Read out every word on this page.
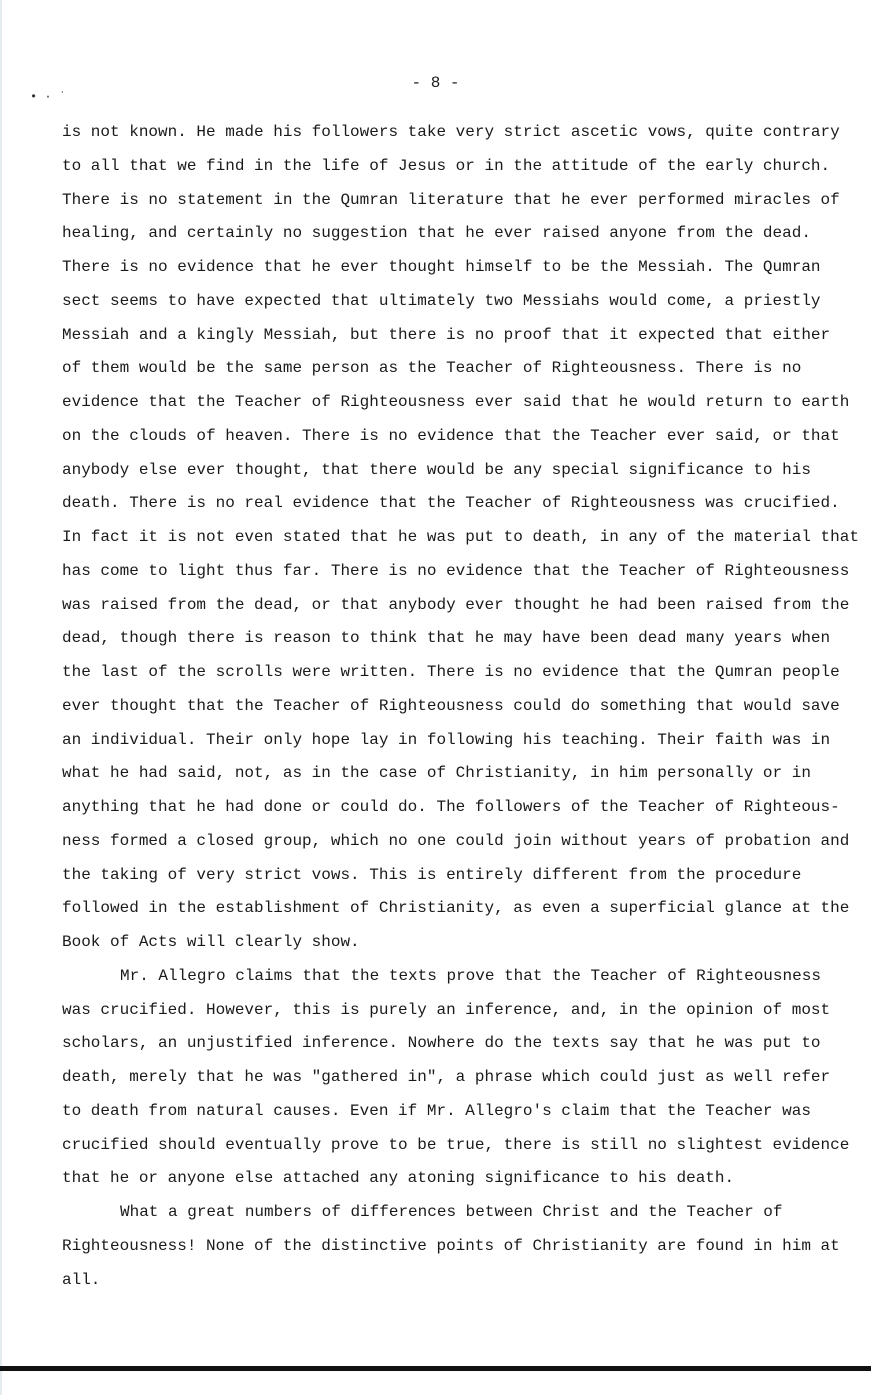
- 8 -
• · ˙
is not known. He made his followers take very strict ascetic vows, quite contrary
to all that we find in the life of Jesus or in the attitude of the early church.
There is no statement in the Qumran literature that he ever performed miracles of
healing, and certainly no suggestion that he ever raised anyone from the dead.
There is no evidence that he ever thought himself to be the Messiah. The Qumran
sect seems to have expected that ultimately two Messiahs would come, a priestly
Messiah and a kingly Messiah, but there is no proof that it expected that either
of them would be the same person as the Teacher of Righteousness. There is no
evidence that the Teacher of Righteousness ever said that he would return to earth
on the clouds of heaven. There is no evidence that the Teacher ever said, or that
anybody else ever thought, that there would be any special significance to his
death. There is no real evidence that the Teacher of Righteousness was crucified.
In fact it is not even stated that he was put to death, in any of the material that
has come to light thus far. There is no evidence that the Teacher of Righteousness
was raised from the dead, or that anybody ever thought he had been raised from the
dead, though there is reason to think that he may have been dead many years when
the last of the scrolls were written. There is no evidence that the Qumran people
ever thought that the Teacher of Righteousness could do something that would save
an individual. Their only hope lay in following his teaching. Their faith was in
what he had said, not, as in the case of Christianity, in him personally or in
anything that he had done or could do. The followers of the Teacher of Righteous-
ness formed a closed group, which no one could join without years of probation and
the taking of very strict vows. This is entirely different from the procedure
followed in the establishment of Christianity, as even a superficial glance at the
Book of Acts will clearly show.
Mr. Allegro claims that the texts prove that the Teacher of Righteousness
was crucified. However, this is purely an inference, and, in the opinion of most
scholars, an unjustified inference. Nowhere do the texts say that he was put to
death, merely that he was "gathered in", a phrase which could just as well refer
to death from natural causes. Even if Mr. Allegro's claim that the Teacher was
crucified should eventually prove to be true, there is still no slightest evidence
that he or anyone else attached any atoning significance to his death.
What a great numbers of differences between Christ and the Teacher of
Righteousness! None of the distinctive points of Christianity are found in him at
all.
